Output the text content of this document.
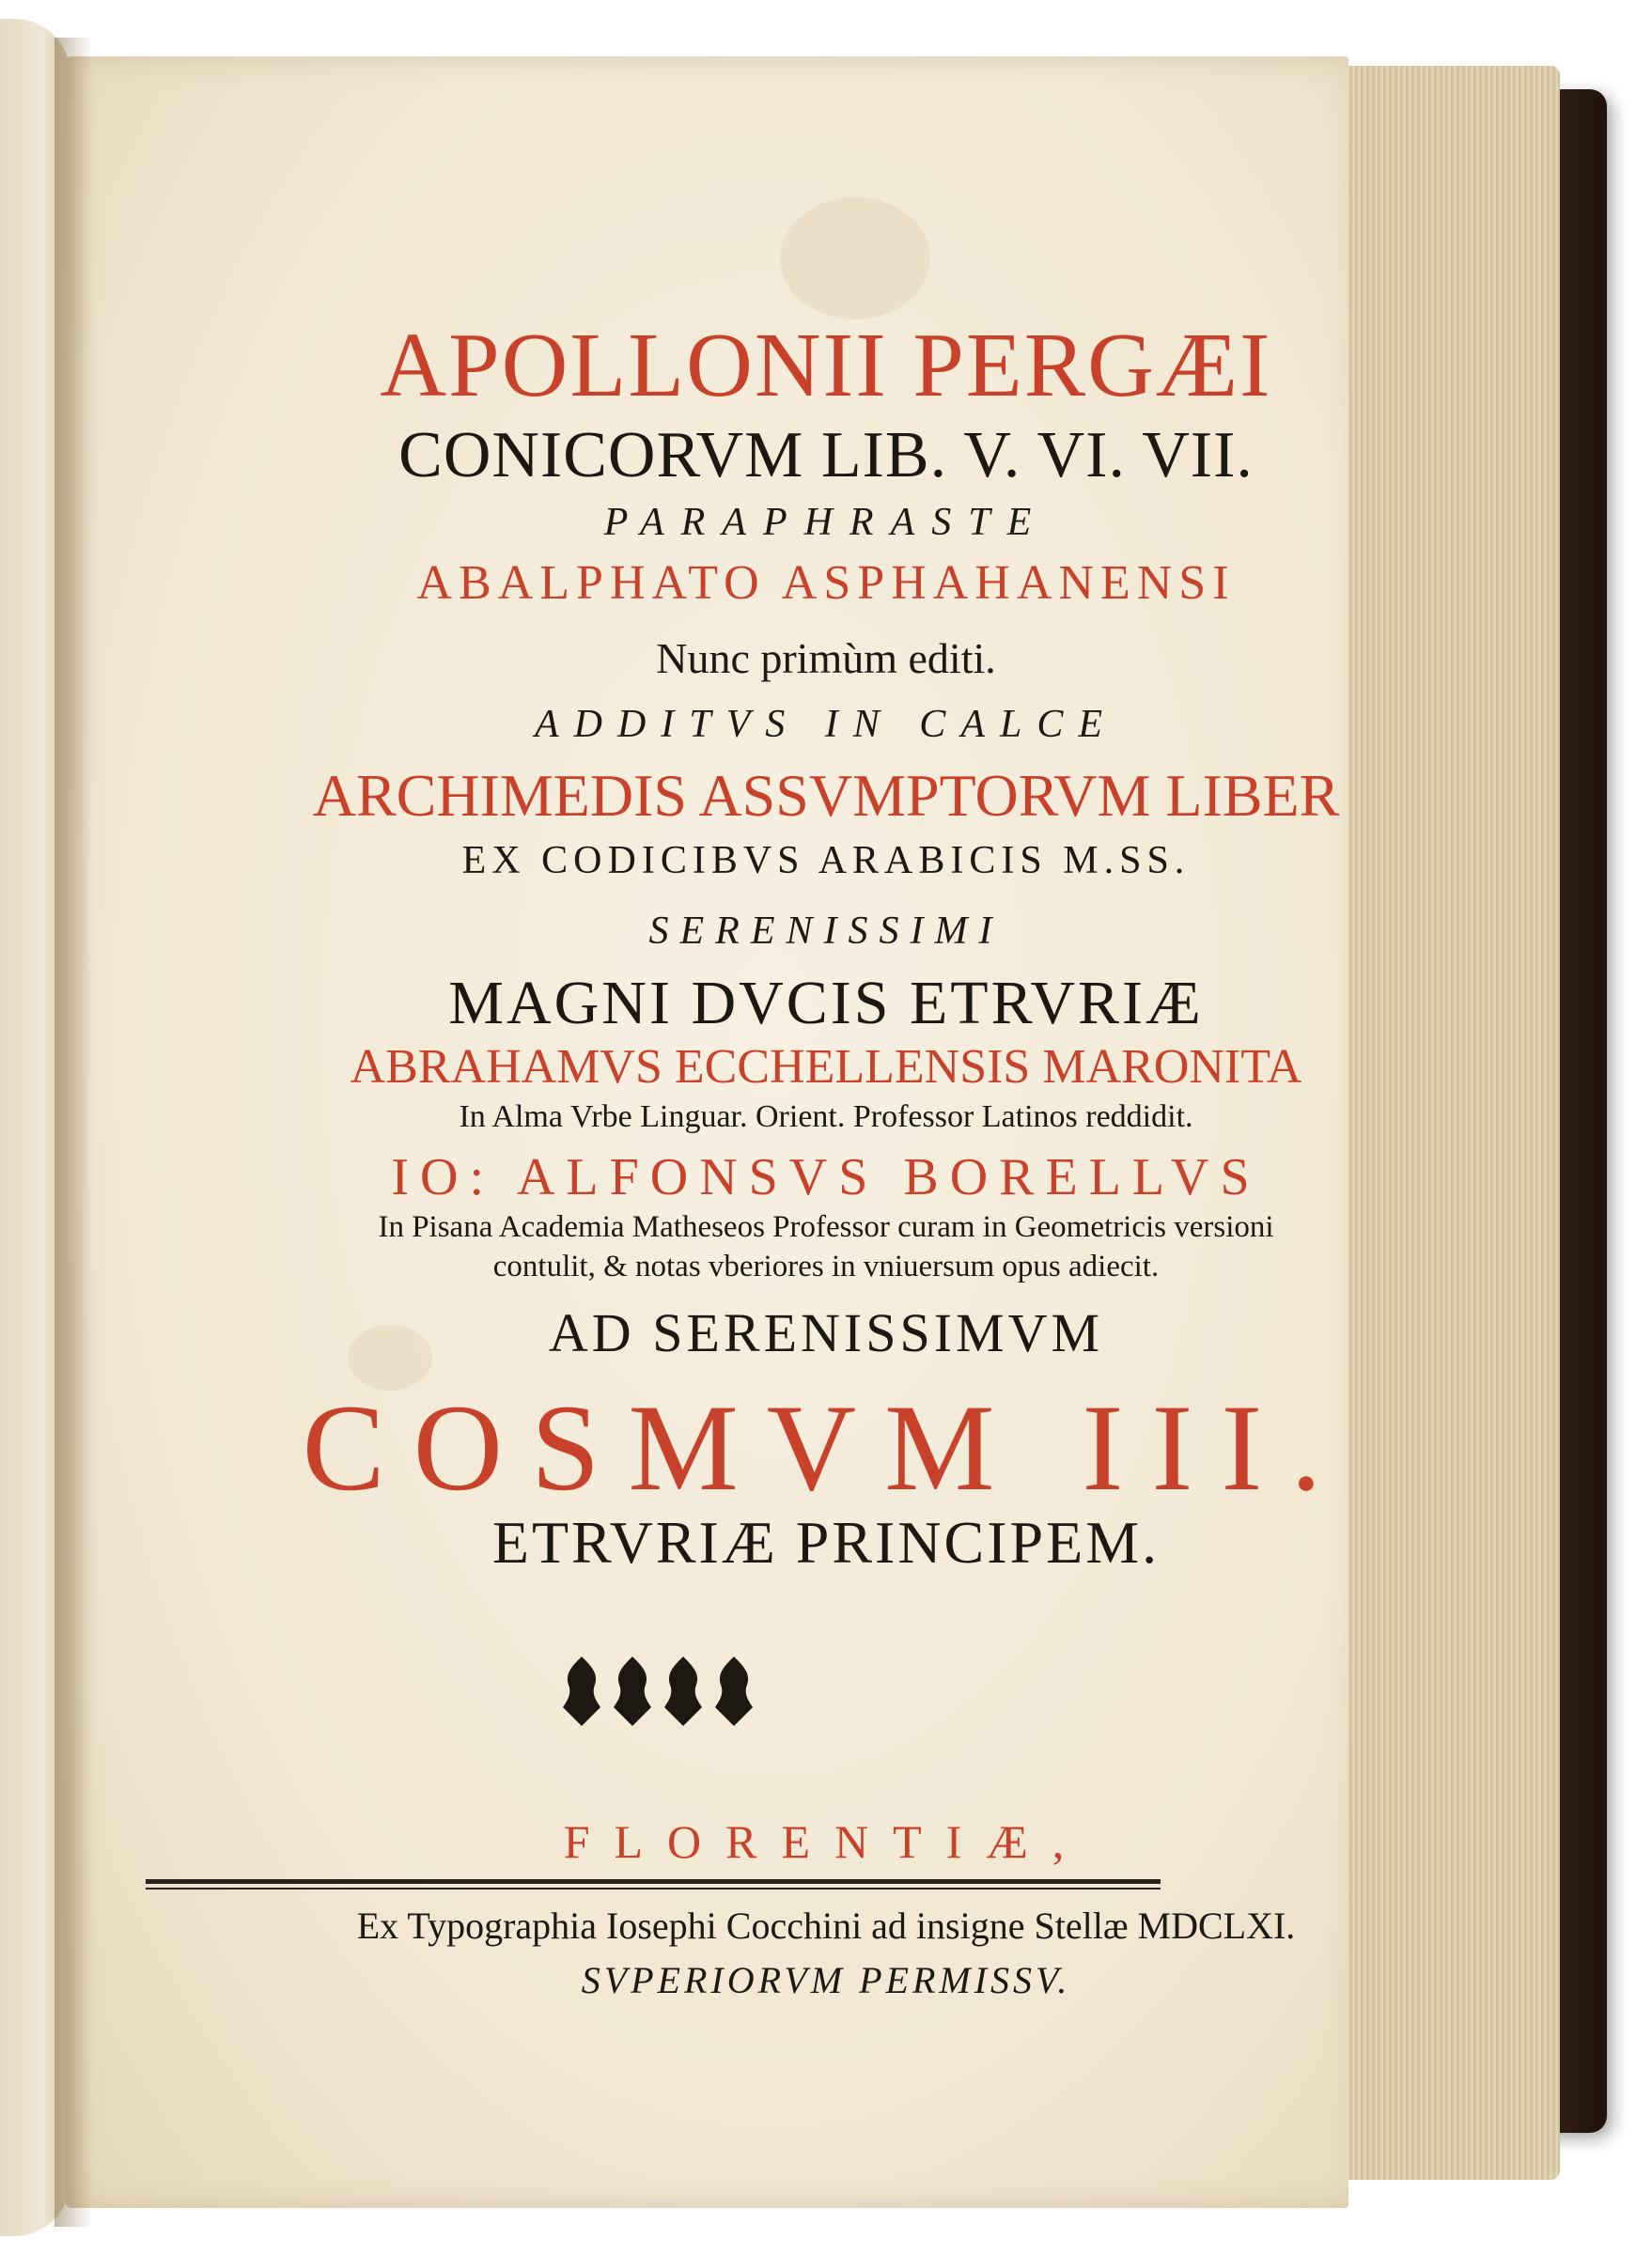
APOLLONII PERGÆI
CONICORVM LIB. V. VI. VII.
PARAPHRASTE
ABALPHATO ASPHAHANENSI
Nunc primùm editi.
ADDITVS IN CALCE
ARCHIMEDIS ASSVMPTORVM LIBER
EX CODICIBVS ARABICIS M.SS.
SERENISSIMI
MAGNI DVCIS ETRVRIÆ
ABRAHAMVS ECCHELLENSIS MARONITA
In Alma Vrbe Linguar. Orient. Professor Latinos reddidit.
IO: ALFONSVS BORELLVS
In Pisana Academia Matheseos Professor curam in Geometricis versioni
contulit, & notas vberiores in vniuersum opus adiecit.
AD SERENISSIMVM
COSMVM III.
ETRVRIÆ PRINCIPEM.
FLORENTIÆ,
Ex Typographia Iosephi Cocchini ad insigne Stellæ MDCLXI.
SVPERIORVM PERMISSV.
